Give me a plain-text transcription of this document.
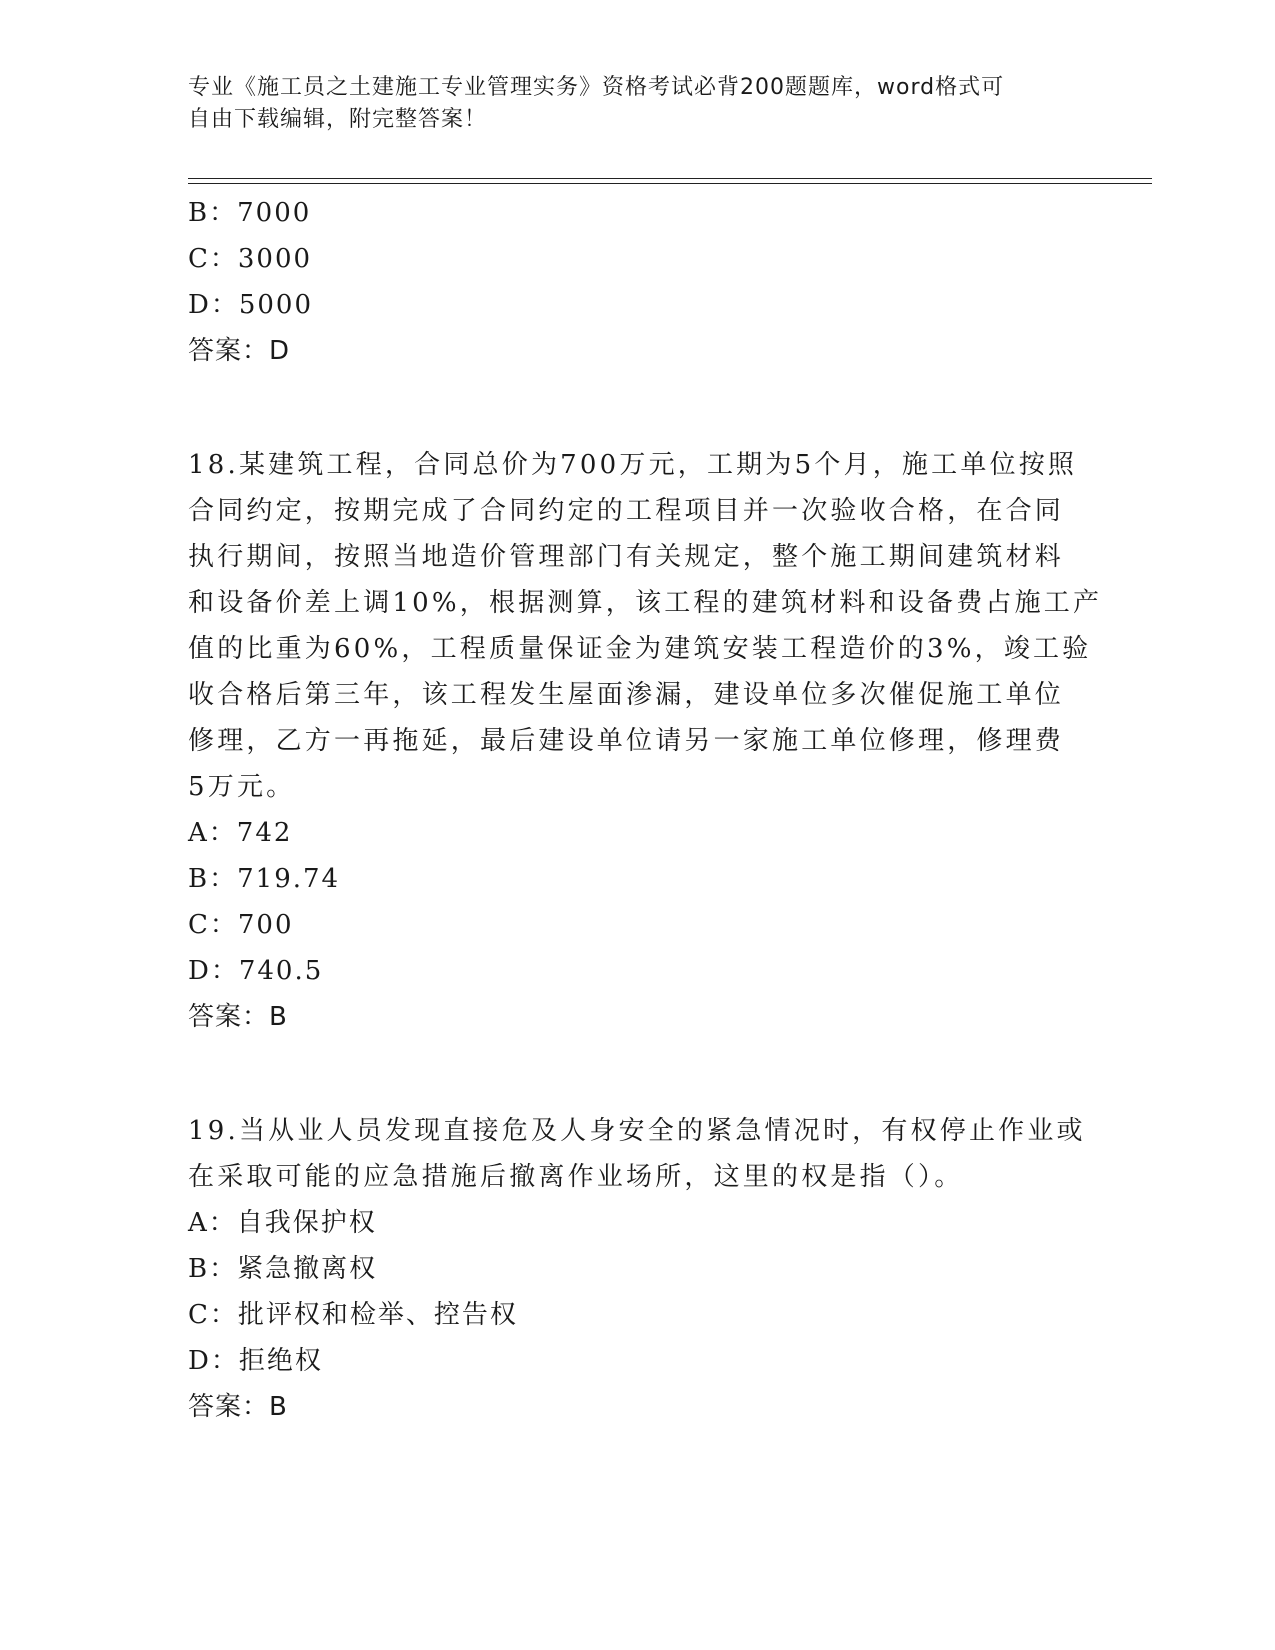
专业《施工员之土建施工专业管理实务》资格考试必背200题题库，word格式可
自由下载编辑，附完整答案！
B：7000
C：3000
D：5000
答案：D
18.某建筑工程，合同总价为700万元，工期为5个月，施工单位按照
合同约定，按期完成了合同约定的工程项目并一次验收合格，在合同
执行期间，按照当地造价管理部门有关规定，整个施工期间建筑材料
和设备价差上调10%，根据测算，该工程的建筑材料和设备费占施工产
值的比重为60%，工程质量保证金为建筑安装工程造价的3%，竣工验
收合格后第三年，该工程发生屋面渗漏，建设单位多次催促施工单位
修理，乙方一再拖延，最后建设单位请另一家施工单位修理，修理费
5万元。
A：742
B：719.74
C：700
D：740.5
答案：B
19.当从业人员发现直接危及人身安全的紧急情况时，有权停止作业或
在采取可能的应急措施后撤离作业场所，这里的权是指（）。
A：自我保护权
B：紧急撤离权
C：批评权和检举、控告权
D：拒绝权
答案：B
